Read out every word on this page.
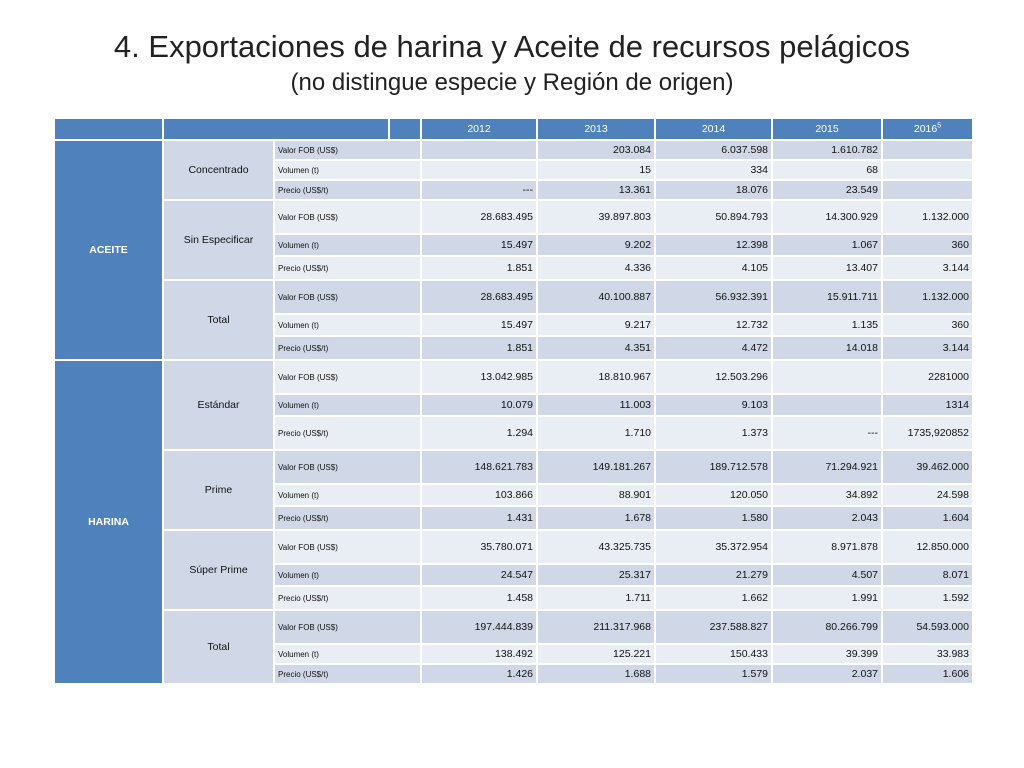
4. Exportaciones de harina y Aceite de recursos pelágicos
(no distingue especie y Región de origen)
				2012	2013	2014	2015	2016$^5$
ACEITE	Concentrado	Valor FOB (US$)			203.084	6.037.598	1.610.782	
		Volumen (t)			15	334	68	
		Precio (US$/t)		---	13.361	18.076	23.549	
	Sin Especificar	Valor FOB (US$)		28.683.495	39.897.803	50.894.793	14.300.929	1.132.000
		Volumen (t)		15.497	9.202	12.398	1.067	360
		Precio (US$/t)		1.851	4.336	4.105	13.407	3.144
	Total	Valor FOB (US$)		28.683.495	40.100.887	56.932.391	15.911.711	1.132.000
		Volumen (t)		15.497	9.217	12.732	1.135	360
		Precio (US$/t)		1.851	4.351	4.472	14.018	3.144
HARINA	Estándar	Valor FOB (US$)		13.042.985	18.810.967	12.503.296		2281000
		Volumen (t)		10.079	11.003	9.103		1314
		Precio (US$/t)		1.294	1.710	1.373	---	1735,920852
	Prime	Valor FOB (US$)		148.621.783	149.181.267	189.712.578	71.294.921	39.462.000
		Volumen (t)		103.866	88.901	120.050	34.892	24.598
		Precio (US$/t)		1.431	1.678	1.580	2.043	1.604
	Súper Prime	Valor FOB (US$)		35.780.071	43.325.735	35.372.954	8.971.878	12.850.000
		Volumen (t)		24.547	25.317	21.279	4.507	8.071
		Precio (US$/t)		1.458	1.711	1.662	1.991	1.592
	Total	Valor FOB (US$)		197.444.839	211.317.968	237.588.827	80.266.799	54.593.000
		Volumen (t)		138.492	125.221	150.433	39.399	33.983
		Precio (US$/t)		1.426	1.688	1.579	2.037	1.606
